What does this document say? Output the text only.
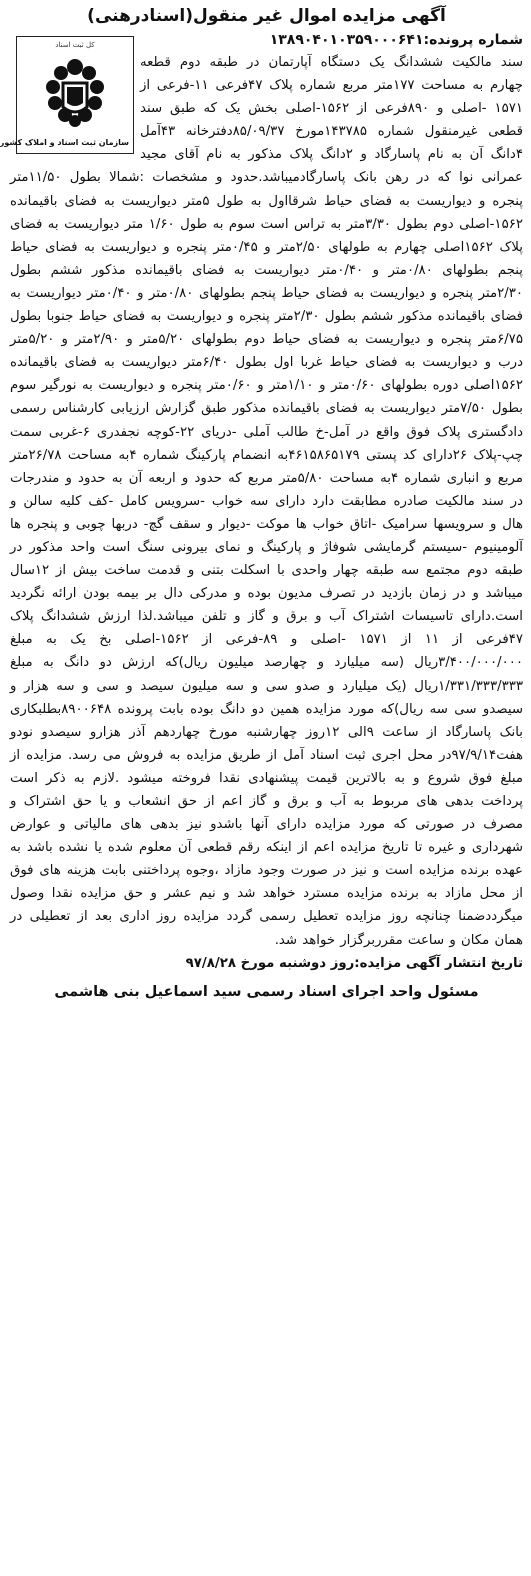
آگهی مزایده اموال غیر منقول(اسنادرهنی)
کل ثبت اسناد
سازمان ثبت اسناد و املاک کشور
شماره پرونده:۱۳۸۹۰۴۰۱۰۳۵۹۰۰۰۶۴۱
سند مالکیت ششدانگ یک دستگاه آپارتمان در طبقه دوم قطعه چهارم به مساحت ۱۷۷متر مربع شماره پلاک ۴۷فرعی ۱۱-فرعی از ۱۵۷۱ -اصلی و ۸۹۰فرعی از ۱۵۶۲-اصلی بخش یک که طبق سند قطعی غیرمنقول شماره ۱۴۳۷۸۵مورخ ۸۵/۰۹/۳۷دفترخانه ۴۳آمل ۴دانگ آن به نام پاسارگاد و ۲دانگ پلاک مذکور به نام آقای مجید عمرانی نوا که در رهن بانک پاسارگادمیباشد.حدود و مشخصات :شمالا بطول ۱۱/۵۰متر پنجره و دیواریست به فضای حیاط شرقااول به طول ۵متر دیواریست به فضای باقیمانده ۱۵۶۲-اصلی دوم بطول ۳/۳۰متر به تراس است سوم به طول ۱/۶۰ متر دیواریست به فضای پلاک ۱۵۶۲اصلی چهارم به طولهای ۲/۵۰متر و ۰/۴۵متر پنجره و دیواریست به فضای حیاط پنجم بطولهای ۰/۸۰متر و ۰/۴۰متر دیواریست به فضای باقیمانده مذکور ششم بطول ۲/۳۰متر پنجره و دیواریست به فضای حیاط پنجم بطولهای ۰/۸۰متر و ۰/۴۰متر دیواریست به فضای باقیمانده مذکور ششم بطول ۲/۳۰متر پنجره و دیواریست به فضای حیاط جنوبا بطول ۶/۷۵متر پنجره و دیواریست به فضای حیاط دوم بطولهای ۵/۲۰متر و ۲/۹۰متر و ۵/۲۰متر درب و دیواریست به فضای حیاط غربا اول بطول ۶/۴۰متر دیواریست به فضای باقیمانده ۱۵۶۲اصلی دوره بطولهای ۰/۶۰متر و ۱/۱۰متر و ۰/۶۰متر پنجره و دیواریست به نورگیر سوم بطول ۷/۵۰متر دیواریست به فضای باقیمانده مذکور طبق گزارش ارزیابی کارشناس رسمی دادگستری پلاک فوق واقع در آمل-خ طالب آملی -دریای ۲۲-کوچه نجفدری ۶-غربی سمت چپ-پلاک ۲۶دارای کد پستی ۴۶۱۵۸۶۵۱۷۹به انضمام پارکینگ شماره ۴به مساحت ۲۶/۷۸متر مربع و انباری شماره ۴به مساحت ۵/۸۰متر مربع که حدود و اربعه آن به حدود و مندرجات در سند مالکیت صادره مطابقت دارد دارای سه خواب -سرویس کامل -کف کلیه سالن و هال و سرویسها سرامیک -اتاق خواب ها موکت -دیوار و سقف گچ- دربها چوبی و پنجره ها آلومینیوم -سیستم گرمایشی شوفاژ و پارکینگ و نمای بیرونی سنگ است واحد مذکور در طبقه دوم مجتمع سه طبقه چهار واحدی با اسکلت بتنی و قدمت ساخت بیش از ۱۲سال میباشد و در زمان بازدید در تصرف مدیون بوده و مدرکی دال بر بیمه بودن ارائه نگردید است.دارای تاسیسات اشتراک آب و برق و گاز و تلفن میباشد.لذا ارزش ششدانگ پلاک ۴۷فرعی از ۱۱ از ۱۵۷۱ -اصلی و ۸۹-فرعی از ۱۵۶۲-اصلی بخ یک به مبلغ ۳/۴۰۰/۰۰۰/۰۰۰ریال (سه میلیارد و چهارصد میلیون ریال)که ارزش دو دانگ به مبلغ ۱/۳۳۱/۳۳۳/۳۳۳ریال (یک میلیارد و صدو سی و سه میلیون سیصد و سی و سه هزار و سیصدو سی سه ریال)که مورد مزایده همین دو دانگ بوده بابت پرونده ۸۹۰۰۶۴۸بطلبکاری بانک پاسارگاد از ساعت ۹الی ۱۲روز چهارشنبه مورخ چهاردهم آذر هزارو سیصدو نودو هفت۹۷/۹/۱۴در محل اجری ثبت اسناد آمل از طریق مزایده به فروش می رسد. مزایده از مبلغ فوق شروع و به بالاترین قیمت پیشنهادی نقدا فروخته میشود .لازم به ذکر است پرداخت بدهی های مربوط به آب و برق و گاز اعم از حق انشعاب و یا حق اشتراک و مصرف در صورتی که مورد مزایده دارای آنها باشدو نیز بدهی های مالیاتی و عوارض شهرداری و غیره تا تاریخ مزایده اعم از اینکه رقم قطعی آن معلوم شده یا نشده باشد به عهده برنده مزایده است و نیز در صورت وجود مازاد ،وجوه پرداختنی بابت هزینه های فوق از محل مازاد به برنده مزایده مسترد خواهد شد و نیم عشر و حق مزایده نقدا وصول میگرددضمنا چنانچه روز مزایده تعطیل رسمی گردد مزایده روز اداری بعد از تعطیلی در همان مکان و ساعت مقرربرگزار خواهد شد.
تاریخ انتشار آگهی مزایده:روز دوشنبه مورخ ۹۷/۸/۲۸
مسئول واحد اجرای اسناد رسمی سید اسماعیل بنی هاشمی
